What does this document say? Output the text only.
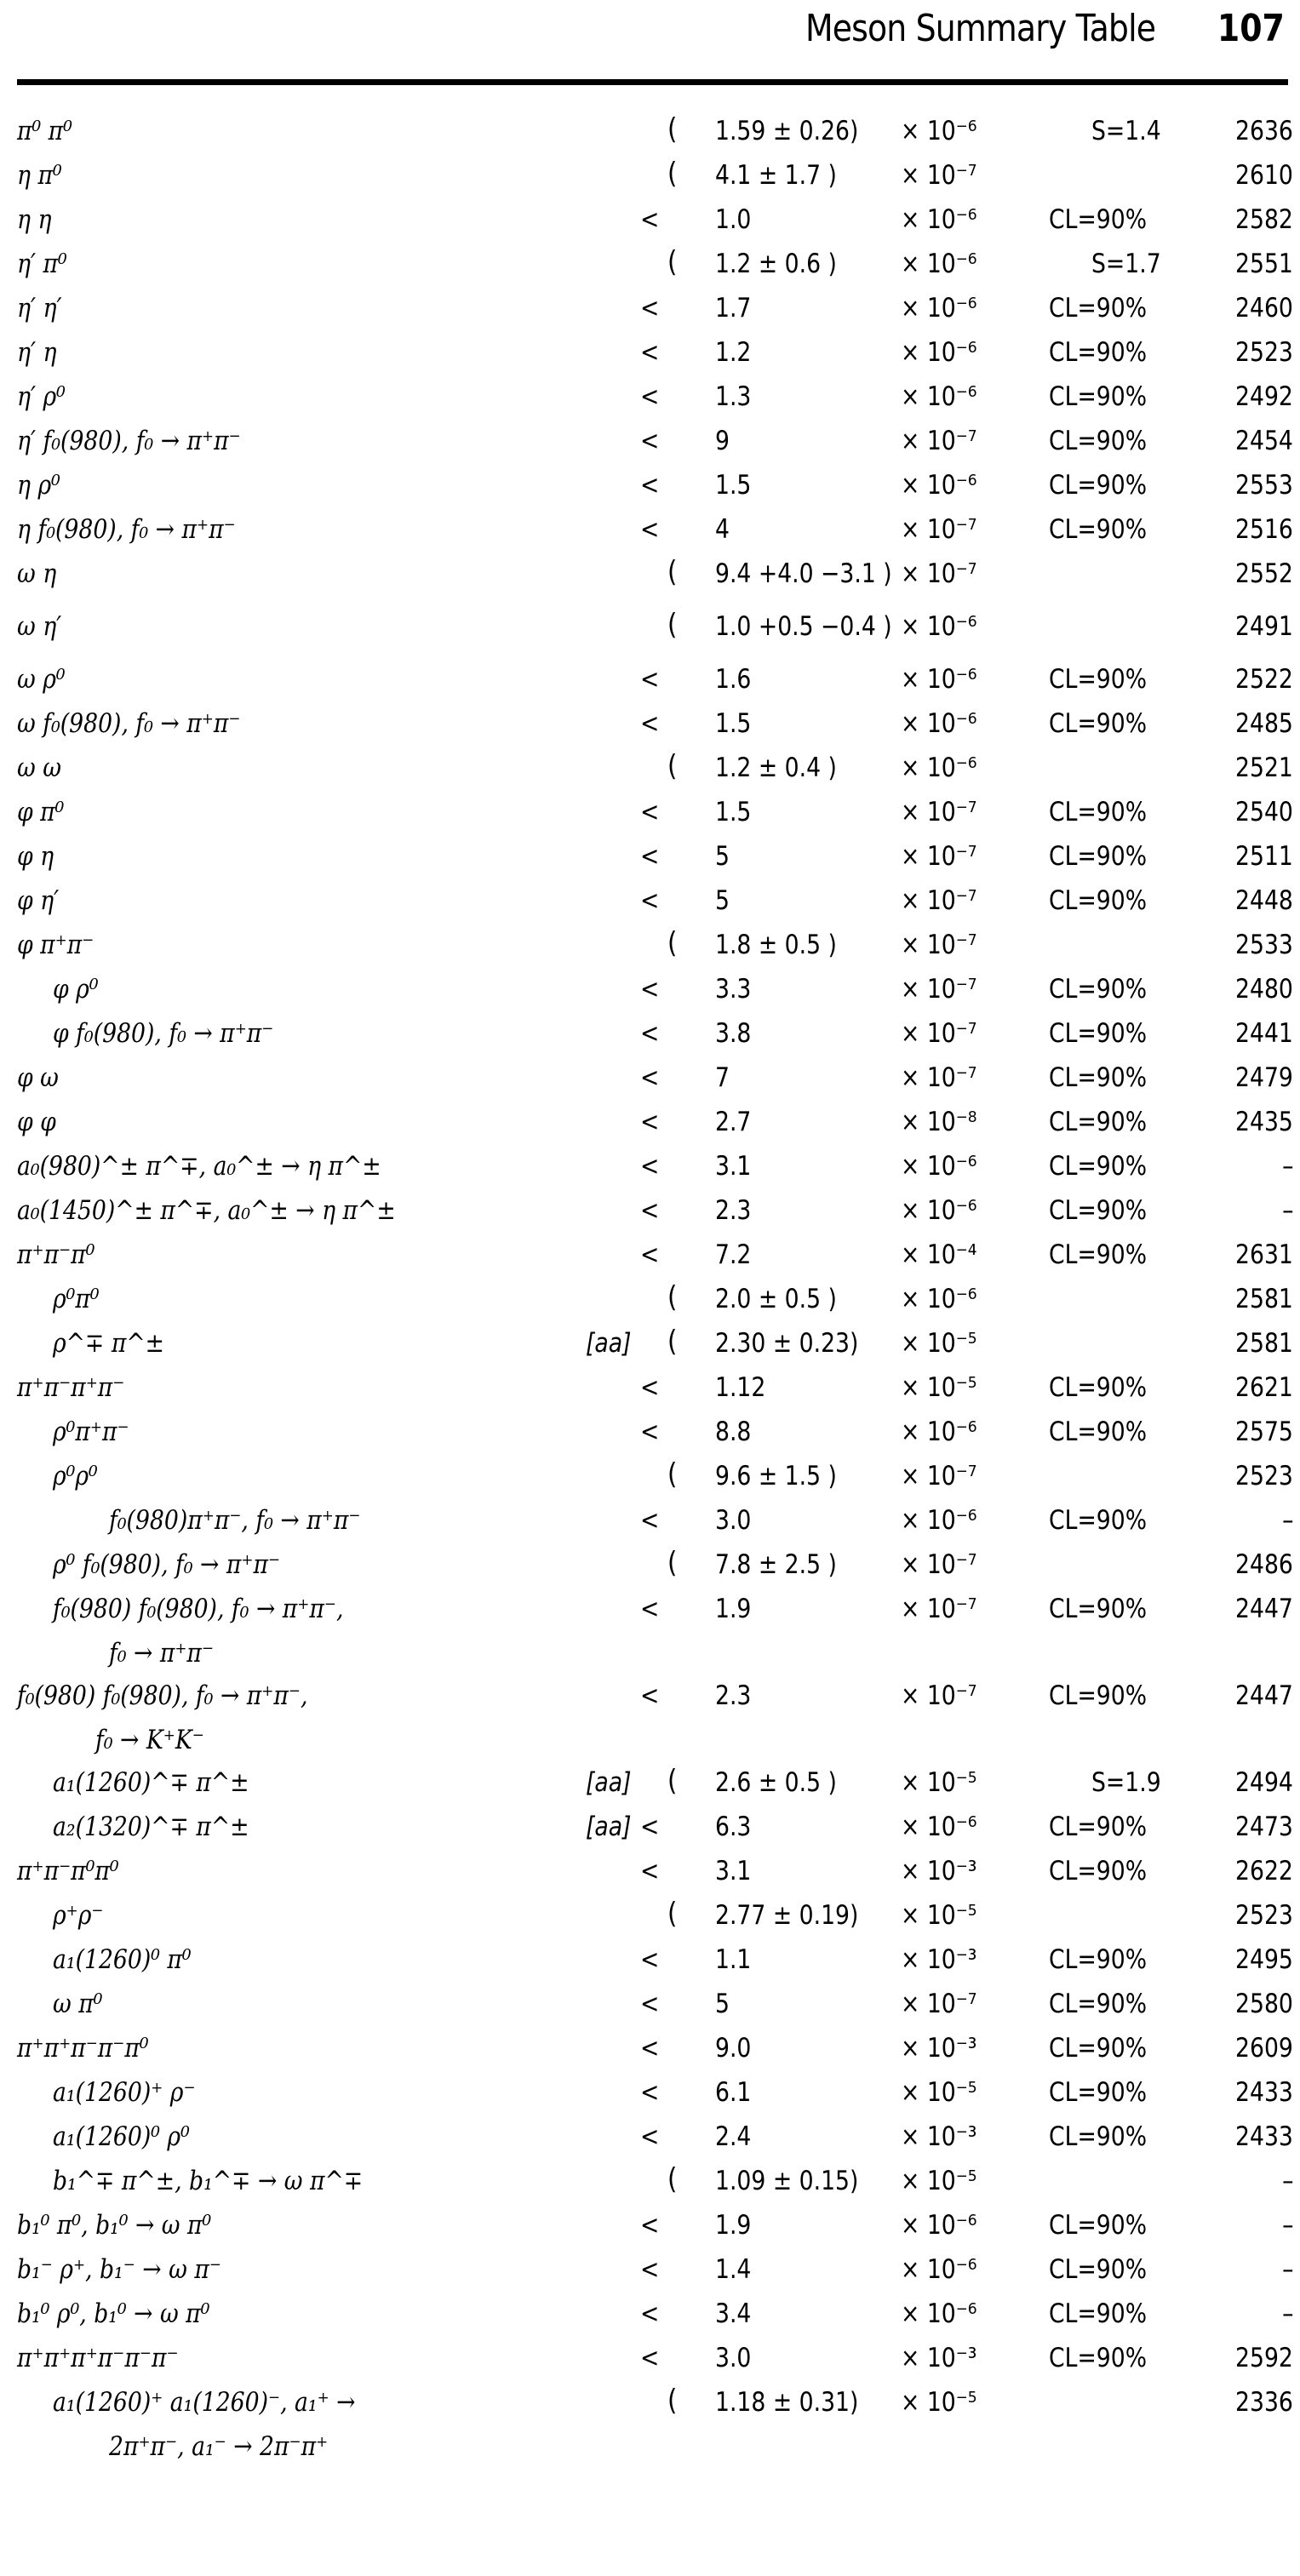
Meson Summary Table 107
π⁰ π⁰	( 1.59 ± 0.26) × 10⁻⁶	S=1.4	2636
η π⁰	( 4.1 ± 1.7 ) × 10⁻⁷	2610
η η	< 1.0	× 10⁻⁶	CL=90%	2582
η′ π⁰	( 1.2 ± 0.6 ) × 10⁻⁶	S=1.7	2551
η′ η′	< 1.7	× 10⁻⁶	CL=90%	2460
η′ η	< 1.2	× 10⁻⁶	CL=90%	2523
η′ ρ⁰	< 1.3	× 10⁻⁶	CL=90%	2492
η′ f₀(980), f₀ → π⁺π⁻	< 9	× 10⁻⁷	CL=90%	2454
η ρ⁰	< 1.5	× 10⁻⁶	CL=90%	2553
η f₀(980), f₀ → π⁺π⁻	< 4	× 10⁻⁷	CL=90%	2516
ω η	( 9.4 +4.0 −3.1 ) × 10⁻⁷	2552
ω η′	( 1.0 +0.5 −0.4 ) × 10⁻⁶	2491
ω ρ⁰	< 1.6	× 10⁻⁶	CL=90%	2522
ω f₀(980), f₀ → π⁺π⁻	< 1.5	× 10⁻⁶	CL=90%	2485
ω ω	( 1.2 ± 0.4 ) × 10⁻⁶	2521
φ π⁰	< 1.5	× 10⁻⁷	CL=90%	2540
φ η	< 5	× 10⁻⁷	CL=90%	2511
φ η′	< 5	× 10⁻⁷	CL=90%	2448
φ π⁺π⁻	( 1.8 ± 0.5 ) × 10⁻⁷	2533
φ ρ⁰	< 3.3	× 10⁻⁷	CL=90%	2480
φ f₀(980), f₀ → π⁺π⁻	< 3.8	× 10⁻⁷	CL=90%	2441
φ ω	< 7	× 10⁻⁷	CL=90%	2479
φ φ	< 2.7	× 10⁻⁸	CL=90%	2435
a₀(980)^± π^∓, a₀^± → η π^±	< 3.1	× 10⁻⁶	CL=90%	–
a₀(1450)^± π^∓, a₀^± → η π^±	< 2.3	× 10⁻⁶	CL=90%	–
π⁺π⁻π⁰	< 7.2	× 10⁻⁴	CL=90%	2631
ρ⁰π⁰	( 2.0 ± 0.5 ) × 10⁻⁶	2581
ρ^∓ π^±	[aa] ( 2.30 ± 0.23) × 10⁻⁵	2581
π⁺π⁻π⁺π⁻	< 1.12	× 10⁻⁵	CL=90%	2621
ρ⁰π⁺π⁻	< 8.8	× 10⁻⁶	CL=90%	2575
ρ⁰ρ⁰	( 9.6 ± 1.5 ) × 10⁻⁷	2523
f₀(980)π⁺π⁻, f₀ → π⁺π⁻	< 3.0	× 10⁻⁶	CL=90%	–
ρ⁰ f₀(980), f₀ → π⁺π⁻	( 7.8 ± 2.5 ) × 10⁻⁷	2486
f₀(980) f₀(980), f₀ → π⁺π⁻,	< 1.9	× 10⁻⁷	CL=90%	2447
f₀ → π⁺π⁻
f₀(980) f₀(980), f₀ → π⁺π⁻,	< 2.3	× 10⁻⁷	CL=90%	2447
f₀ → K⁺K⁻
a₁(1260)^∓ π^±	[aa] ( 2.6 ± 0.5 ) × 10⁻⁵	S=1.9	2494
a₂(1320)^∓ π^±	[aa] < 6.3	× 10⁻⁶	CL=90%	2473
π⁺π⁻π⁰π⁰	< 3.1	× 10⁻³	CL=90%	2622
ρ⁺ρ⁻	( 2.77 ± 0.19) × 10⁻⁵	2523
a₁(1260)⁰ π⁰	< 1.1	× 10⁻³	CL=90%	2495
ω π⁰	< 5	× 10⁻⁷	CL=90%	2580
π⁺π⁺π⁻π⁻π⁰	< 9.0	× 10⁻³	CL=90%	2609
a₁(1260)⁺ ρ⁻	< 6.1	× 10⁻⁵	CL=90%	2433
a₁(1260)⁰ ρ⁰	< 2.4	× 10⁻³	CL=90%	2433
b₁^∓ π^±, b₁^∓ → ω π^∓	( 1.09 ± 0.15) × 10⁻⁵	–
b₁⁰ π⁰, b₁⁰ → ω π⁰	< 1.9	× 10⁻⁶	CL=90%	–
b₁⁻ ρ⁺, b₁⁻ → ω π⁻	< 1.4	× 10⁻⁶	CL=90%	–
b₁⁰ ρ⁰, b₁⁰ → ω π⁰	< 3.4	× 10⁻⁶	CL=90%	–
π⁺π⁺π⁺π⁻π⁻π⁻	< 3.0	× 10⁻³	CL=90%	2592
a₁(1260)⁺ a₁(1260)⁻, a₁⁺ →	( 1.18 ± 0.31) × 10⁻⁵	2336
2π⁺π⁻, a₁⁻ → 2π⁻π⁺
